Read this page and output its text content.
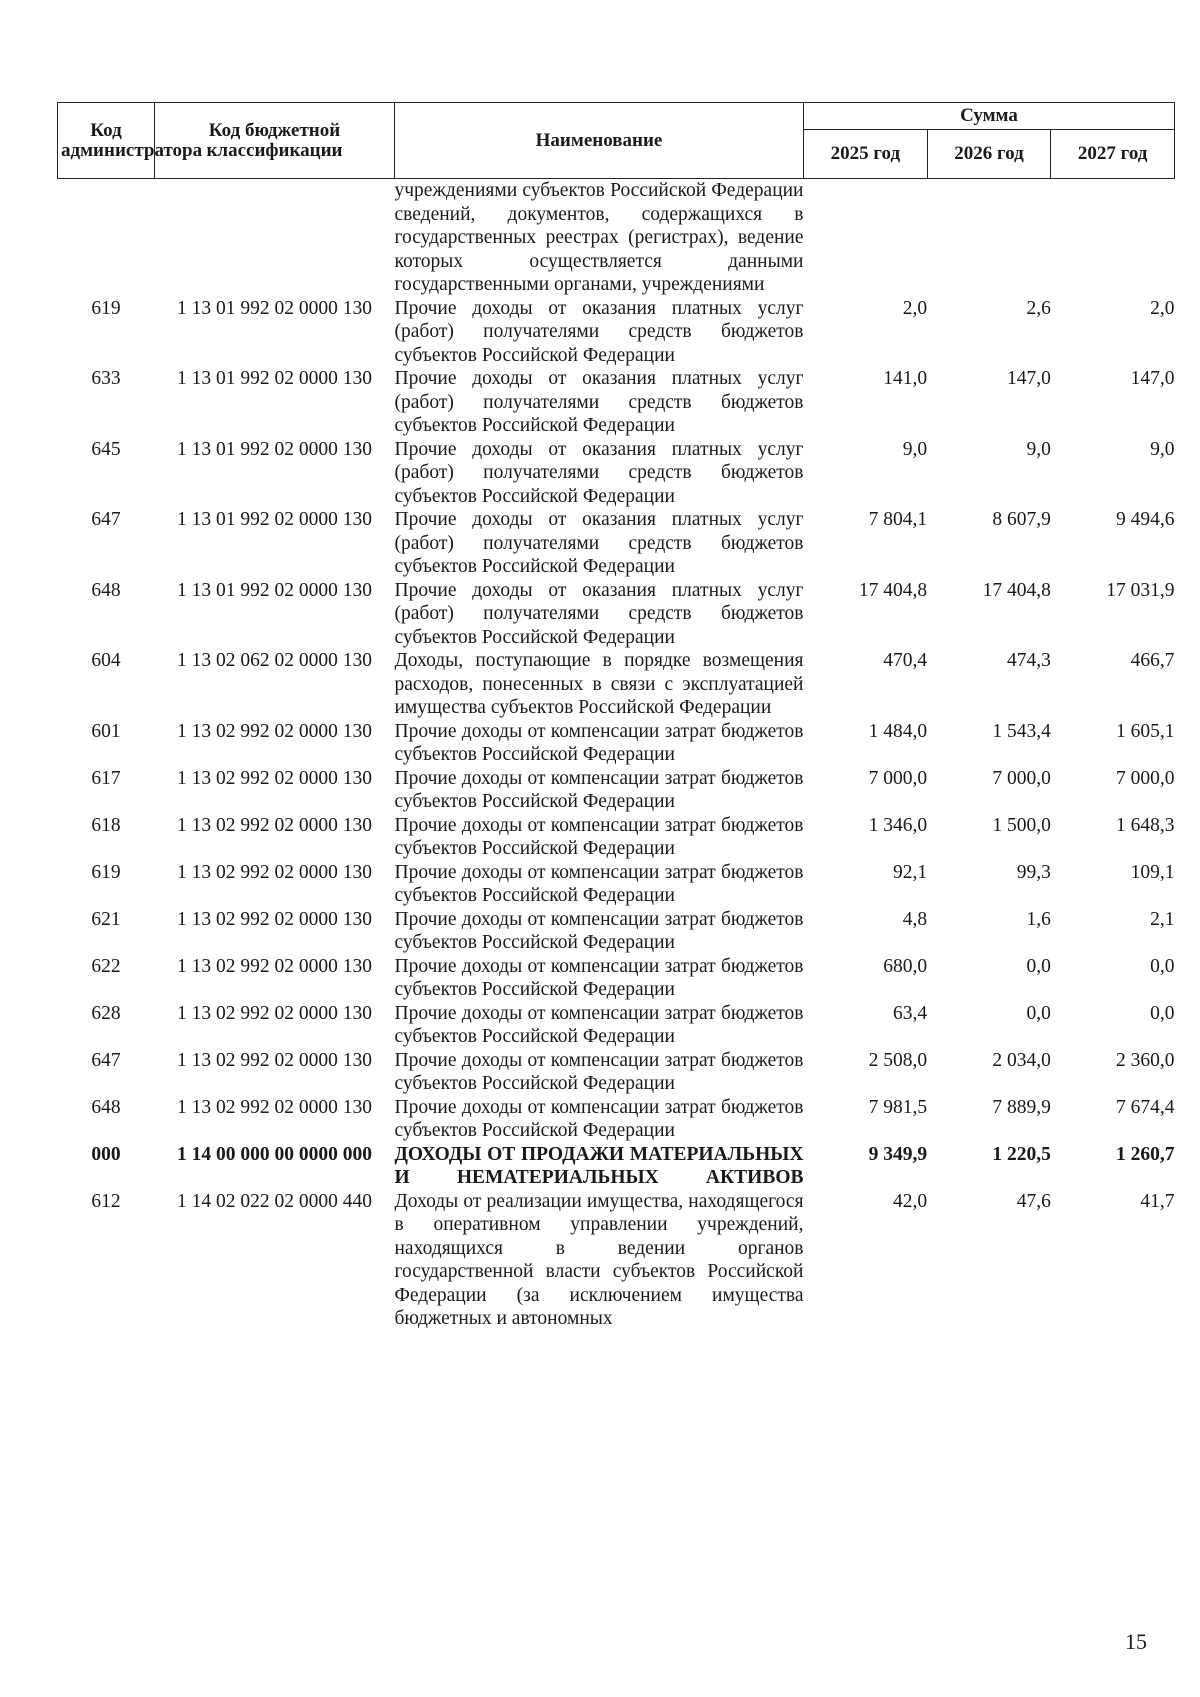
Код администратора	Код бюджетной классификации	Наименование	Сумма		
			2025 год	2026 год	2027 год
		учреждениями субъектов Российской Федерации сведений, документов, содержащихся в государственных реестрах (регистрах), ведение которых осуществляется данными государственными органами, учреждениями			
619	1 13 01 992 02 0000 130	Прочие доходы от оказания платных услуг (работ) получателями средств бюджетов субъектов Российской Федерации	2,0	2,6	2,0
633	1 13 01 992 02 0000 130	Прочие доходы от оказания платных услуг (работ) получателями средств бюджетов субъектов Российской Федерации	141,0	147,0	147,0
645	1 13 01 992 02 0000 130	Прочие доходы от оказания платных услуг (работ) получателями средств бюджетов субъектов Российской Федерации	9,0	9,0	9,0
647	1 13 01 992 02 0000 130	Прочие доходы от оказания платных услуг (работ) получателями средств бюджетов субъектов Российской Федерации	7 804,1	8 607,9	9 494,6
648	1 13 01 992 02 0000 130	Прочие доходы от оказания платных услуг (работ) получателями средств бюджетов субъектов Российской Федерации	17 404,8	17 404,8	17 031,9
604	1 13 02 062 02 0000 130	Доходы, поступающие в порядке возмещения расходов, понесенных в связи с эксплуатацией имущества субъектов Российской Федерации	470,4	474,3	466,7
601	1 13 02 992 02 0000 130	Прочие доходы от компенсации затрат бюджетов субъектов Российской Федерации	1 484,0	1 543,4	1 605,1
617	1 13 02 992 02 0000 130	Прочие доходы от компенсации затрат бюджетов субъектов Российской Федерации	7 000,0	7 000,0	7 000,0
618	1 13 02 992 02 0000 130	Прочие доходы от компенсации затрат бюджетов субъектов Российской Федерации	1 346,0	1 500,0	1 648,3
619	1 13 02 992 02 0000 130	Прочие доходы от компенсации затрат бюджетов субъектов Российской Федерации	92,1	99,3	109,1
621	1 13 02 992 02 0000 130	Прочие доходы от компенсации затрат бюджетов субъектов Российской Федерации	4,8	1,6	2,1
622	1 13 02 992 02 0000 130	Прочие доходы от компенсации затрат бюджетов субъектов Российской Федерации	680,0	0,0	0,0
628	1 13 02 992 02 0000 130	Прочие доходы от компенсации затрат бюджетов субъектов Российской Федерации	63,4	0,0	0,0
647	1 13 02 992 02 0000 130	Прочие доходы от компенсации затрат бюджетов субъектов Российской Федерации	2 508,0	2 034,0	2 360,0
648	1 13 02 992 02 0000 130	Прочие доходы от компенсации затрат бюджетов субъектов Российской Федерации	7 981,5	7 889,9	7 674,4
000	1 14 00 000 00 0000 000	ДОХОДЫ ОТ ПРОДАЖИ МАТЕРИАЛЬНЫХ И НЕМАТЕРИАЛЬНЫХ АКТИВОВ	9 349,9	1 220,5	1 260,7
612	1 14 02 022 02 0000 440	Доходы от реализации имущества, находящегося в оперативном управлении учреждений, находящихся в ведении органов государственной власти субъектов Российской Федерации (за исключением имущества бюджетных и автономных	42,0	47,6	41,7
15
